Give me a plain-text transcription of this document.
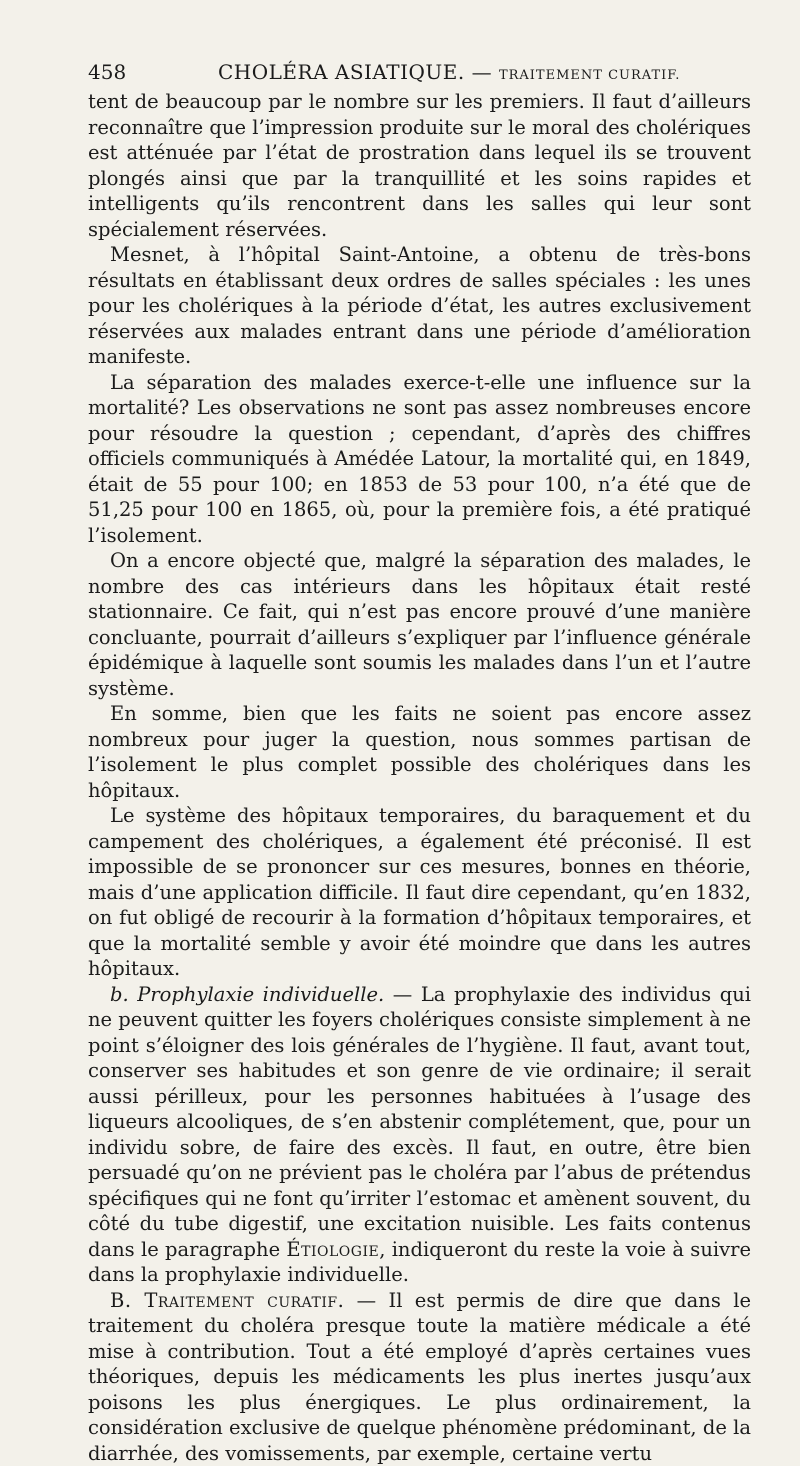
458	CHOLÉRA ASIATIQUE. — TRAITEMENT CURATIF.

tent de beaucoup par le nombre sur les premiers. Il faut d’ailleurs reconnaître que l’impression produite sur le moral des cholériques est atténuée par l’état de prostration dans lequel ils se trouvent plongés ainsi que par la tranquillité et les soins rapides et intelligents qu’ils rencontrent dans les salles qui leur sont spécialement réservées.

Mesnet, à l’hôpital Saint-Antoine, a obtenu de très-bons résultats en établissant deux ordres de salles spéciales : les unes pour les cholériques à la période d’état, les autres exclusivement réservées aux malades entrant dans une période d’amélioration manifeste.

La séparation des malades exerce-t-elle une influence sur la mortalité? Les observations ne sont pas assez nombreuses encore pour résoudre la question ; cependant, d’après des chiffres officiels communiqués à Amédée Latour, la mortalité qui, en 1849, était de 55 pour 100; en 1853 de 53 pour 100, n’a été que de 51,25 pour 100 en 1865, où, pour la première fois, a été pratiqué l’isolement.

On a encore objecté que, malgré la séparation des malades, le nombre des cas intérieurs dans les hôpitaux était resté stationnaire. Ce fait, qui n’est pas encore prouvé d’une manière concluante, pourrait d’ailleurs s’expliquer par l’influence générale épidémique à laquelle sont soumis les malades dans l’un et l’autre système.

En somme, bien que les faits ne soient pas encore assez nombreux pour juger la question, nous sommes partisan de l’isolement le plus complet possible des cholériques dans les hôpitaux.

Le système des hôpitaux temporaires, du baraquement et du campement des cholériques, a également été préconisé. Il est impossible de se prononcer sur ces mesures, bonnes en théorie, mais d’une application difficile. Il faut dire cependant, qu’en 1832, on fut obligé de recourir à la formation d’hôpitaux temporaires, et que la mortalité semble y avoir été moindre que dans les autres hôpitaux.

b. Prophylaxie individuelle. — La prophylaxie des individus qui ne peuvent quitter les foyers cholériques consiste simplement à ne point s’éloigner des lois générales de l’hygiène. Il faut, avant tout, conserver ses habitudes et son genre de vie ordinaire; il serait aussi périlleux, pour les personnes habituées à l’usage des liqueurs alcooliques, de s’en abstenir complétement, que, pour un individu sobre, de faire des excès. Il faut, en outre, être bien persuadé qu’on ne prévient pas le choléra par l’abus de prétendus spécifiques qui ne font qu’irriter l’estomac et amènent souvent, du côté du tube digestif, une excitation nuisible. Les faits contenus dans le paragraphe Étiologie, indiqueront du reste la voie à suivre dans la prophylaxie individuelle.

B. Traitement curatif. — Il est permis de dire que dans le traitement du choléra presque toute la matière médicale a été mise à contribution. Tout a été employé d’après certaines vues théoriques, depuis les médicaments les plus inertes jusqu’aux poisons les plus énergiques. Le plus ordinairement, la considération exclusive de quelque phénomène prédominant, de la diarrhée, des vomissements, par exemple, certaine vertu
